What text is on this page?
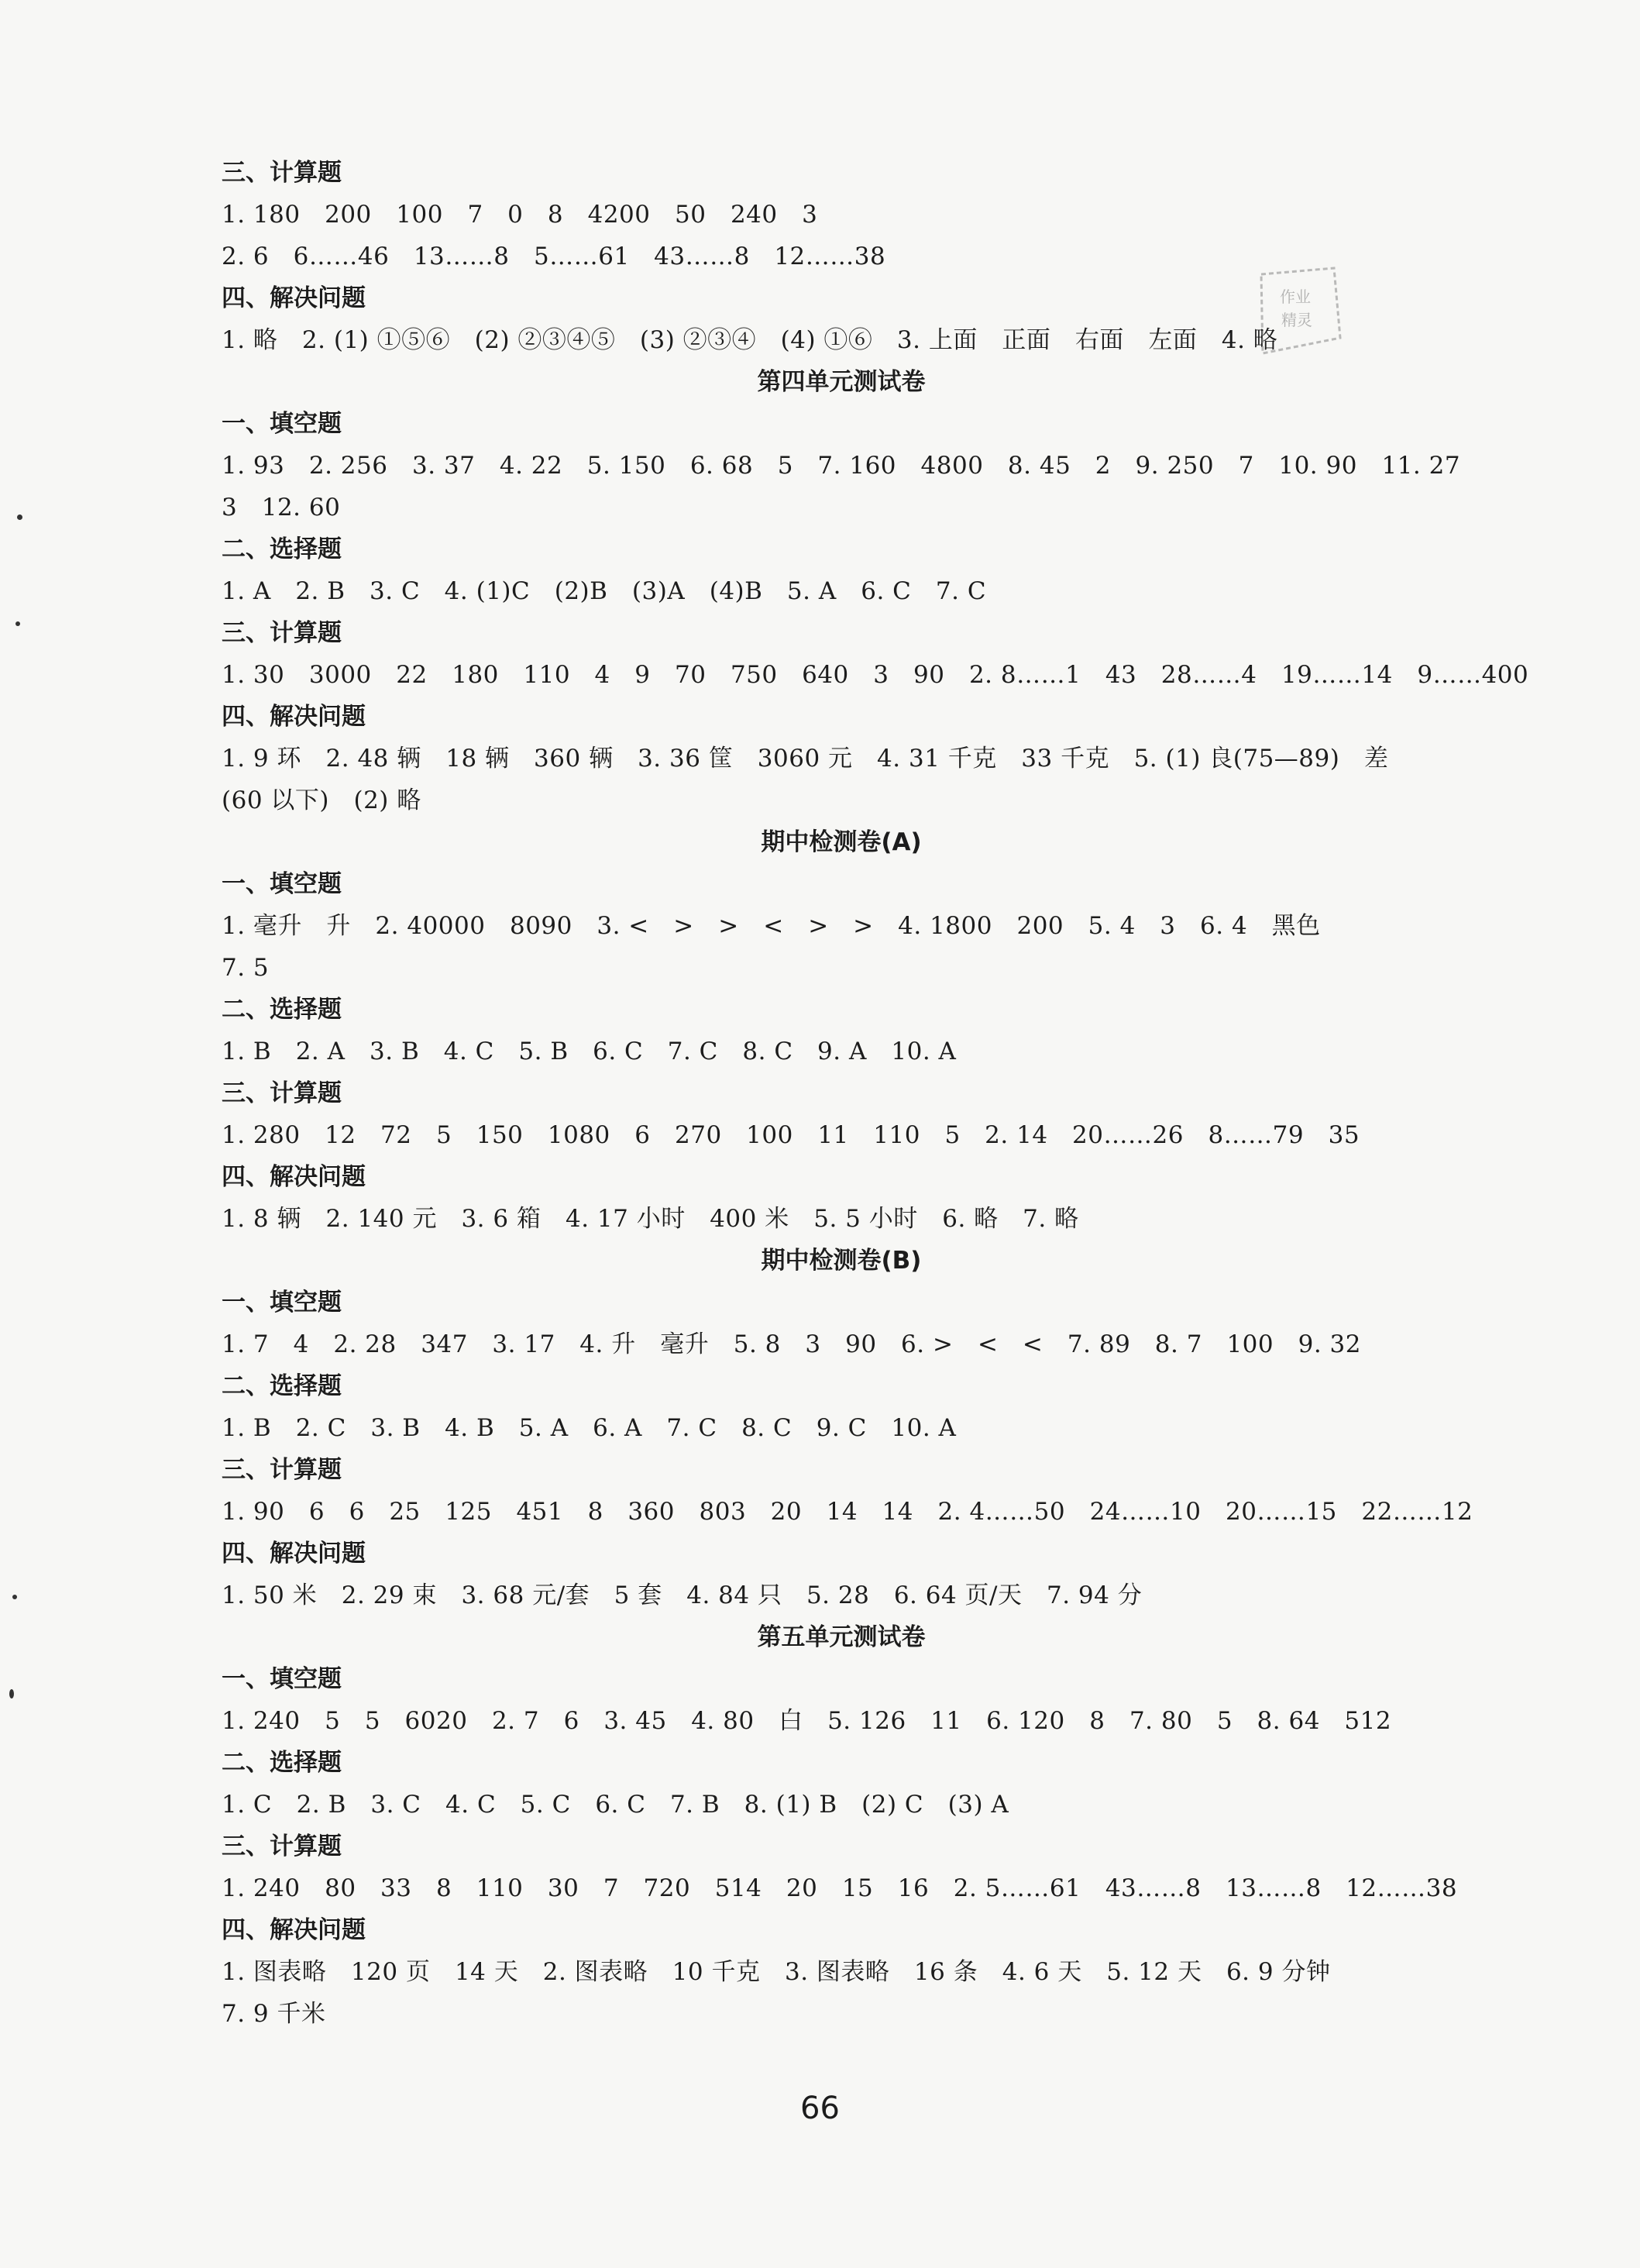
三、计算题
1. 180　200　100　7　0　8　4200　50　240　3
2. 6　6……46　13……8　5……61　43……8　12……38
四、解决问题
1. 略　2. (1) ①⑤⑥　(2) ②③④⑤　(3) ②③④　(4) ①⑥　3. 上面　正面　右面　左面　4. 略
第四单元测试卷
一、填空题
1. 93　2. 256　3. 37　4. 22　5. 150　6. 68　5　7. 160　4800　8. 45　2　9. 250　7　10. 90　11. 27
3　12. 60
二、选择题
1. A　2. B　3. C　4. (1)C　(2)B　(3)A　(4)B　5. A　6. C　7. C
三、计算题
1. 30　3000　22　180　110　4　9　70　750　640　3　90　2. 8……1　43　28……4　19……14　9……400
四、解决问题
1. 9 环　2. 48 辆　18 辆　360 辆　3. 36 筐　3060 元　4. 31 千克　33 千克　5. (1) 良(75—89)　差
(60 以下)　(2) 略
期中检测卷(A)
一、填空题
1. 毫升　升　2. 40000　8090　3. <　>　>　<　>　>　4. 1800　200　5. 4　3　6. 4　黑色
7. 5
二、选择题
1. B　2. A　3. B　4. C　5. B　6. C　7. C　8. C　9. A　10. A
三、计算题
1. 280　12　72　5　150　1080　6　270　100　11　110　5　2. 14　20……26　8……79　35
四、解决问题
1. 8 辆　2. 140 元　3. 6 箱　4. 17 小时　400 米　5. 5 小时　6. 略　7. 略
期中检测卷(B)
一、填空题
1. 7　4　2. 28　347　3. 17　4. 升　毫升　5. 8　3　90　6. >　<　<　7. 89　8. 7　100　9. 32
二、选择题
1. B　2. C　3. B　4. B　5. A　6. A　7. C　8. C　9. C　10. A
三、计算题
1. 90　6　6　25　125　451　8　360　803　20　14　14　2. 4……50　24……10　20……15　22……12
四、解决问题
1. 50 米　2. 29 束　3. 68 元/套　5 套　4. 84 只　5. 28　6. 64 页/天　7. 94 分
第五单元测试卷
一、填空题
1. 240　5　5　6020　2. 7　6　3. 45　4. 80　白　5. 126　11　6. 120　8　7. 80　5　8. 64　512
二、选择题
1. C　2. B　3. C　4. C　5. C　6. C　7. B　8. (1) B　(2) C　(3) A
三、计算题
1. 240　80　33　8　110　30　7　720　514　20　15　16　2. 5……61　43……8　13……8　12……38
四、解决问题
1. 图表略　120 页　14 天　2. 图表略　10 千克　3. 图表略　16 条　4. 6 天　5. 12 天　6. 9 分钟
7. 9 千米
作业
精灵
66
